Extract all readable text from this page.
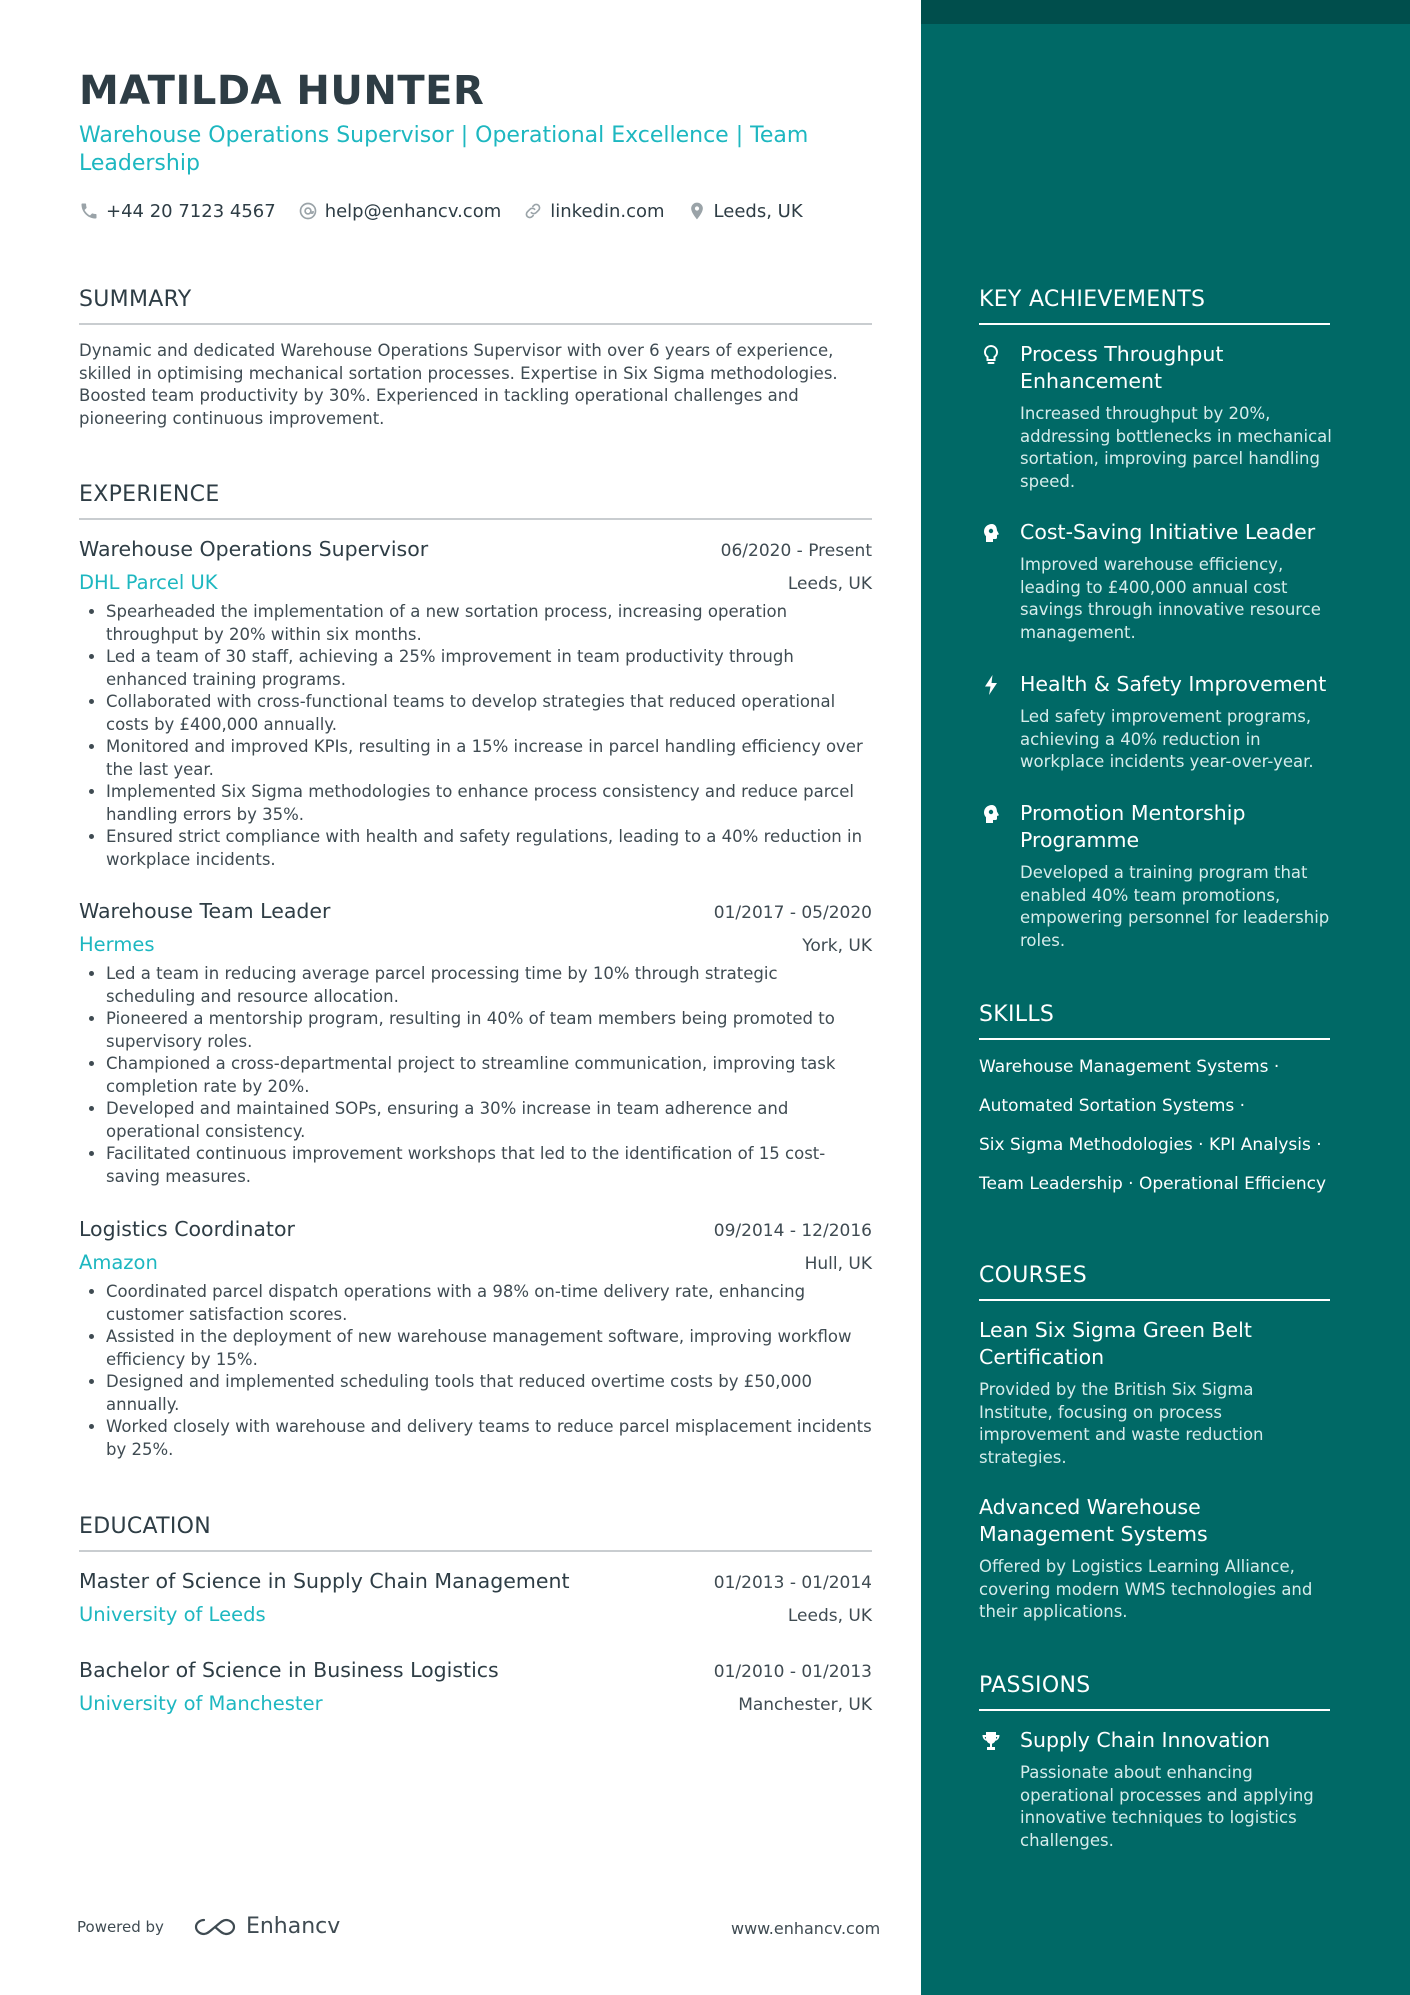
MATILDA HUNTER
Warehouse Operations Supervisor | Operational Excellence | Team Leadership
+44 20 7123 4567	help@enhancv.com	linkedin.com	Leeds, UK
SUMMARY
Dynamic and dedicated Warehouse Operations Supervisor with over 6 years of experience, skilled in optimising mechanical sortation processes. Expertise in Six Sigma methodologies. Boosted team productivity by 30%. Experienced in tackling operational challenges and pioneering continuous improvement.
EXPERIENCE
Warehouse Operations Supervisor	06/2020 - Present
DHL Parcel UK	Leeds, UK
• Spearheaded the implementation of a new sortation process, increasing operation throughput by 20% within six months.
• Led a team of 30 staff, achieving a 25% improvement in team productivity through enhanced training programs.
• Collaborated with cross-functional teams to develop strategies that reduced operational costs by £400,000 annually.
• Monitored and improved KPIs, resulting in a 15% increase in parcel handling efficiency over the last year.
• Implemented Six Sigma methodologies to enhance process consistency and reduce parcel handling errors by 35%.
• Ensured strict compliance with health and safety regulations, leading to a 40% reduction in workplace incidents.
Warehouse Team Leader	01/2017 - 05/2020
Hermes	York, UK
• Led a team in reducing average parcel processing time by 10% through strategic scheduling and resource allocation.
• Pioneered a mentorship program, resulting in 40% of team members being promoted to supervisory roles.
• Championed a cross-departmental project to streamline communication, improving task completion rate by 20%.
• Developed and maintained SOPs, ensuring a 30% increase in team adherence and operational consistency.
• Facilitated continuous improvement workshops that led to the identification of 15 cost-saving measures.
Logistics Coordinator	09/2014 - 12/2016
Amazon	Hull, UK
• Coordinated parcel dispatch operations with a 98% on-time delivery rate, enhancing customer satisfaction scores.
• Assisted in the deployment of new warehouse management software, improving workflow efficiency by 15%.
• Designed and implemented scheduling tools that reduced overtime costs by £50,000 annually.
• Worked closely with warehouse and delivery teams to reduce parcel misplacement incidents by 25%.
EDUCATION
Master of Science in Supply Chain Management	01/2013 - 01/2014
University of Leeds	Leeds, UK
Bachelor of Science in Business Logistics	01/2010 - 01/2013
University of Manchester	Manchester, UK
Powered by	Enhancv	www.enhancv.com
KEY ACHIEVEMENTS
Process Throughput Enhancement
Increased throughput by 20%, addressing bottlenecks in mechanical sortation, improving parcel handling speed.
Cost-Saving Initiative Leader
Improved warehouse efficiency, leading to £400,000 annual cost savings through innovative resource management.
Health & Safety Improvement
Led safety improvement programs, achieving a 40% reduction in workplace incidents year-over-year.
Promotion Mentorship Programme
Developed a training program that enabled 40% team promotions, empowering personnel for leadership roles.
SKILLS
Warehouse Management Systems ·
Automated Sortation Systems ·
Six Sigma Methodologies · KPI Analysis ·
Team Leadership · Operational Efficiency
COURSES
Lean Six Sigma Green Belt Certification
Provided by the British Six Sigma Institute, focusing on process improvement and waste reduction strategies.
Advanced Warehouse Management Systems
Offered by Logistics Learning Alliance, covering modern WMS technologies and their applications.
PASSIONS
Supply Chain Innovation
Passionate about enhancing operational processes and applying innovative techniques to logistics challenges.
